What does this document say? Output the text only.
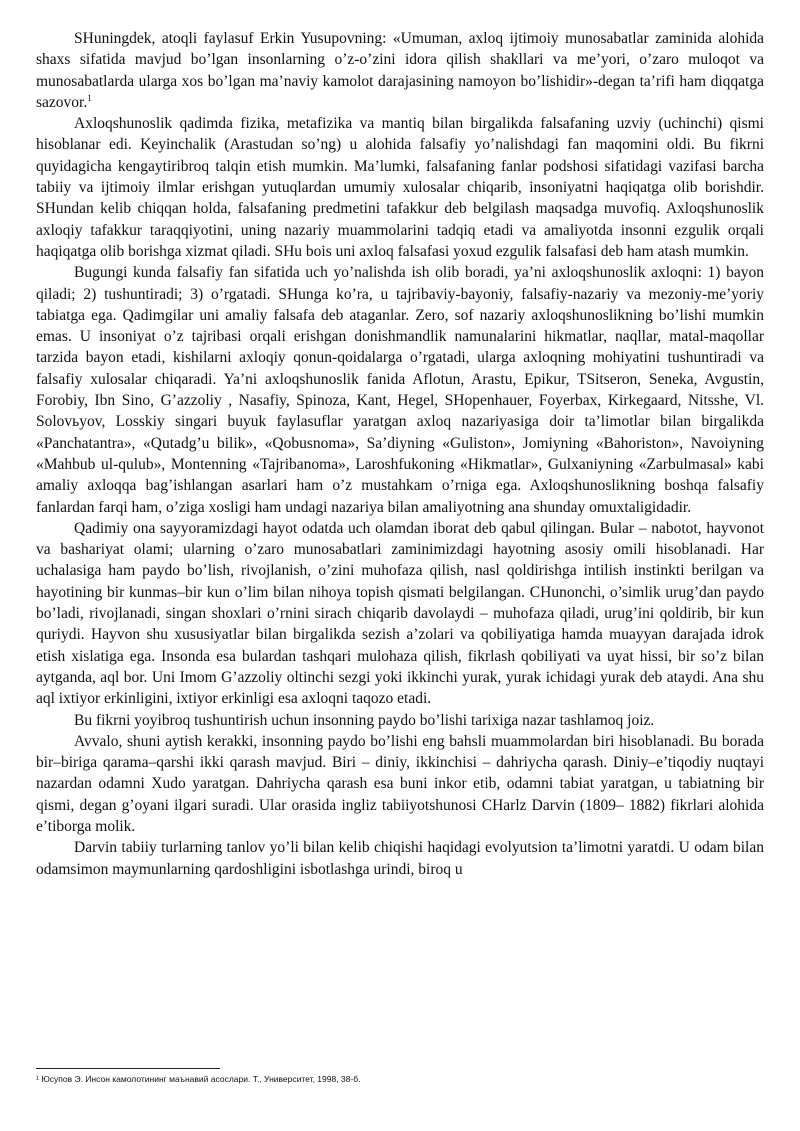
SHuningdek, atoqli faylasuf Erkin Yusupovning: «Umuman, axloq ijtimoiy munosabatlar zaminida alohida shaxs sifatida mavjud bo’lgan insonlarning o’z-o’zini idora qilish shakllari va me’yori, o’zaro muloqot va munosabatlarda ularga xos bo’lgan ma’naviy kamolot darajasining namoyon bo’lishidir»-degan ta’rifi ham diqqatga sazovor.$^1$

Axloqshunoslik qadimda fizika, metafizika va mantiq bilan birgalikda falsafaning uzviy (uchinchi) qismi hisoblanar edi. Keyinchalik (Arastudan so’ng) u alohida falsafiy yo’nalishdagi fan maqomini oldi. Bu fikrni quyidagicha kengaytiribroq talqin etish mumkin. Ma’lumki, falsafaning fanlar podshosi sifatidagi vazifasi barcha tabiiy va ijtimoiy ilmlar erishgan yutuqlardan umumiy xulosalar chiqarib, insoniyatni haqiqatga olib borishdir. SHundan kelib chiqqan holda, falsafaning predmetini tafakkur deb belgilash maqsadga muvofiq. Axloqshunoslik axloqiy tafakkur taraqqiyotini, uning nazariy muammolarini tadqiq etadi va amaliyotda insonni ezgulik orqali haqiqatga olib borishga xizmat qiladi. SHu bois uni axloq falsafasi yoxud ezgulik falsafasi deb ham atash mumkin.

Bugungi kunda falsafiy fan sifatida uch yo’nalishda ish olib boradi, ya’ni axloqshunoslik axloqni: 1) bayon qiladi; 2) tushuntiradi; 3) o’rgatadi. SHunga ko’ra, u tajribaviy-bayoniy, falsafiy-nazariy va mezoniy-me’yoriy tabiatga ega. Qadimgilar uni amaliy falsafa deb ataganlar. Zero, sof nazariy axloqshunoslikning bo’lishi mumkin emas. U insoniyat o’z tajribasi orqali erishgan donishmandlik namunalarini hikmatlar, naqllar, matal-maqollar tarzida bayon etadi, kishilarni axloqiy qonun-qoidalarga o’rgatadi, ularga axloqning mohiyatini tushuntiradi va falsafiy xulosalar chiqaradi. Ya’ni axloqshunoslik fanida Aflotun, Arastu, Epikur, TSitseron, Seneka, Avgustin, Forobiy, Ibn Sino, G’azzoliy , Nasafiy, Spinoza, Kant, Hegel, SHopenhauer, Foyerbax, Kirkegaard, Nitsshe, Vl. Solovьyov, Losskiy singari buyuk faylasuflar yaratgan axloq nazariyasiga doir ta’limotlar bilan birgalikda «Panchatantra», «Qutadg’u bilik», «Qobusnoma», Sa’diyning «Guliston», Jomiyning «Bahoriston», Navoiyning «Mahbub ul-qulub», Montenning «Tajribanoma», Laroshfukoning «Hikmatlar», Gulxaniyning «Zarbulmasal» kabi amaliy axloqqa bag’ishlangan asarlari ham o’z mustahkam o’rniga ega. Axloqshunoslikning boshqa falsafiy fanlardan farqi ham, o’ziga xosligi ham undagi nazariya bilan amaliyotning ana shunday omuxtaligidadir.

Qadimiy ona sayyoramizdagi hayot odatda uch olamdan iborat deb qabul qilingan. Bular – nabotot, hayvonot va bashariyat olami; ularning o’zaro munosabatlari zaminimizdagi hayotning asosiy omili hisoblanadi. Har uchalasiga ham paydo bo’lish, rivojlanish, o’zini muhofaza qilish, nasl qoldirishga intilish instinkti berilgan va hayotining bir kunmas–bir kun o’lim bilan nihoya topish qismati belgilangan. CHunonchi, o’simlik urug’dan paydo bo’ladi, rivojlanadi, singan shoxlari o’rnini sirach chiqarib davolaydi – muhofaza qiladi, urug’ini qoldirib, bir kun quriydi. Hayvon shu xususiyatlar bilan birgalikda sezish a’zolari va qobiliyatiga hamda muayyan darajada idrok etish xislatiga ega. Insonda esa bulardan tashqari mulohaza qilish, fikrlash qobiliyati va uyat hissi, bir so’z bilan aytganda, aql bor. Uni Imom G’azzoliy oltinchi sezgi yoki ikkinchi yurak, yurak ichidagi yurak deb ataydi. Ana shu aql ixtiyor erkinligini, ixtiyor erkinligi esa axloqni taqozo etadi.

Bu fikrni yoyibroq tushuntirish uchun insonning paydo bo’lishi tarixiga nazar tashlamoq joiz.

Avvalo, shuni aytish kerakki, insonning paydo bo’lishi eng bahsli muammolardan biri hisoblanadi. Bu borada bir–biriga qarama–qarshi ikki qarash mavjud. Biri – diniy, ikkinchisi – dahriycha qarash. Diniy–e’tiqodiy nuqtayi nazardan odamni Xudo yaratgan. Dahriycha qarash esa buni inkor etib, odamni tabiat yaratgan, u tabiatning bir qismi, degan g’oyani ilgari suradi. Ular orasida ingliz tabiiyotshunosi CHarlz Darvin (1809– 1882) fikrlari alohida e’tiborga molik.

Darvin tabiiy turlarning tanlov yo’li bilan kelib chiqishi haqidagi evolyutsion ta’limotni yaratdi. U odam bilan odamsimon maymunlarning qardoshligini isbotlashga urindi, biroq u

¹ Юсупов Э. Инсон камолотининг маънавий асослари. Т., Университет, 1998, 38-б.
